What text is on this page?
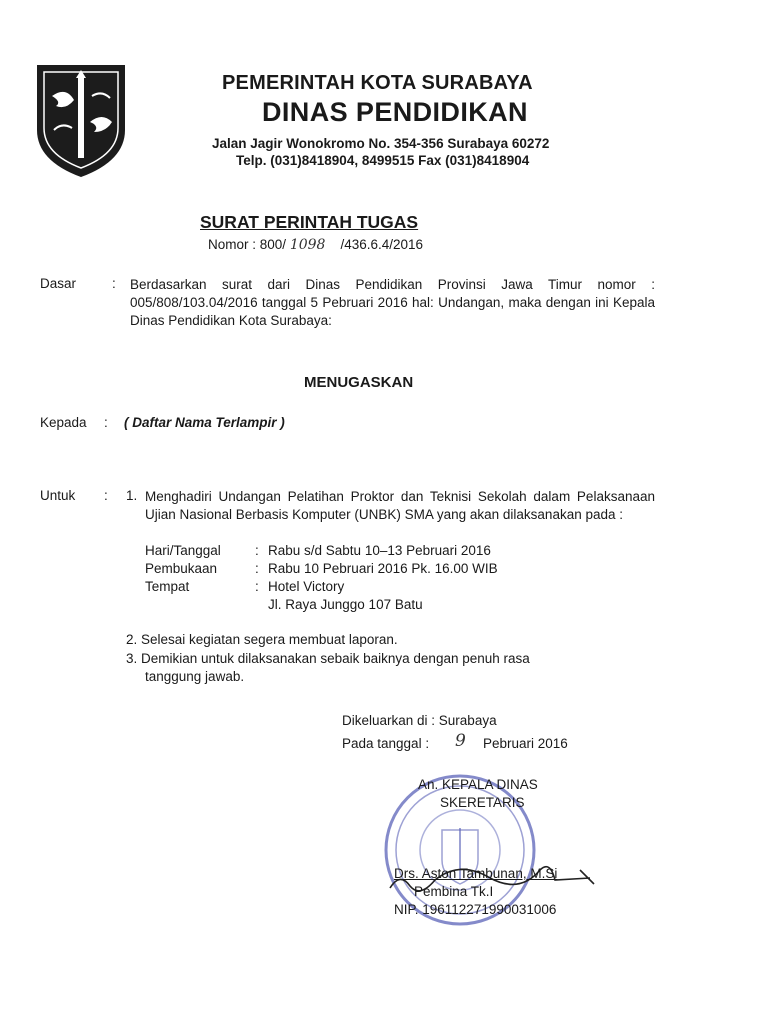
PEMERINTAH KOTA SURABAYA
DINAS PENDIDIKAN
Jalan Jagir Wonokromo No. 354-356 Surabaya 60272
Telp. (031)8418904, 8499515 Fax (031)8418904
SURAT PERINTAH TUGAS
Nomor : 800/ 1098 /436.6.4/2016
Dasar	: Berdasarkan surat dari Dinas Pendidikan Provinsi Jawa Timur nomor : 005/808/103.04/2016 tanggal 5 Pebruari 2016 hal: Undangan, maka dengan ini Kepala Dinas Pendidikan Kota Surabaya:
MENUGASKAN
Kepada : ( Daftar Nama Terlampir )
Untuk : 1. Menghadiri Undangan Pelatihan Proktor dan Teknisi Sekolah dalam Pelaksanaan Ujian Nasional Berbasis Komputer (UNBK) SMA yang akan dilaksanakan pada :
Hari/Tanggal	: Rabu s/d Sabtu 10–13 Pebruari 2016
Pembukaan	: Rabu 10 Pebruari 2016 Pk. 16.00 WIB
Tempat	: Hotel Victory
Jl. Raya Junggo 107 Batu
2. Selesai kegiatan segera membuat laporan.
3. Demikian untuk dilaksanakan sebaik baiknya dengan penuh rasa
tanggung jawab.
Dikeluarkan di : Surabaya
Pada tanggal : 9 Pebruari 2016
An. KEPALA DINAS
SKERETARIS
Drs. Aston Tambunan, M.Si
Pembina Tk.I
NIP. 196112271990031006
